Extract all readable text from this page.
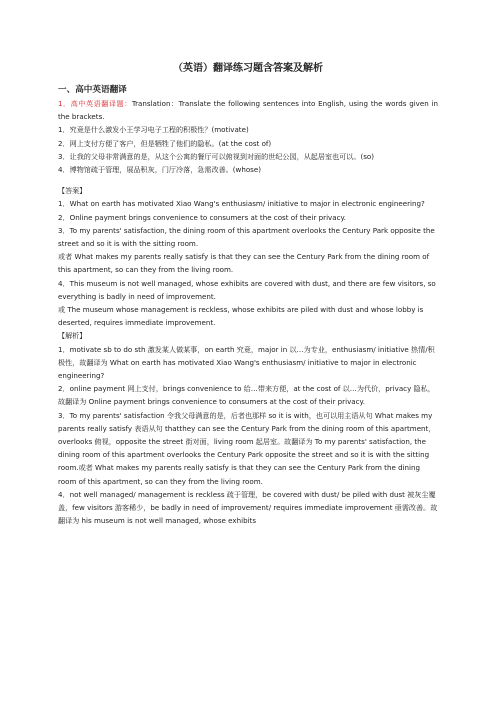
（英语）翻译练习题含答案及解析

一、高中英语翻译

1．高中英语翻译题：Translation：Translate the following sentences into English, using the words given in the brackets.

1．究竟是什么激发小王学习电子工程的积极性？(motivate)

2．网上支付方便了客户，但是牺牲了他们的隐私。(at the cost of)

3．让我的父母非常满意的是，从这个公寓的餐厅可以俯视到对面的世纪公园，从起居室也可以。(so)

4．博物馆疏于管理，展品积灰，门厅冷落，急需改善。(whose)

【答案】

1．What on earth has motivated Xiao Wang's enthusiasm/ initiative to major in electronic engineering?

2．Online payment brings convenience to consumers at the cost of their privacy.

3．To my parents' satisfaction, the dining room of this apartment overlooks the Century Park opposite the street and so it is with the sitting room.

或者 What makes my parents really satisfy is that they can see the Century Park from the dining room of this apartment, so can they from the living room.

4．This museum is not well managed, whose exhibits are covered with dust, and there are few visitors, so everything is badly in need of improvement.

或 The museum whose management is reckless, whose exhibits are piled with dust and whose lobby is deserted, requires immediate improvement.

【解析】

1．motivate sb to do sth 激发某人做某事，on earth 究竟，major in 以…为专业，enthusiasm/ initiative 热情/积极性，故翻译为 What on earth has motivated Xiao Wang's enthusiasm/ initiative to major in electronic engineering?

2．online payment 网上支付，brings convenience to 给…带来方便，at the cost of 以…为代价，privacy 隐私，故翻译为 Online payment brings convenience to consumers at the cost of their privacy.

3．To my parents' satisfaction 令我父母满意的是，后者也那样 so it is with，也可以用主语从句 What makes my parents really satisfy 表语从句 thatthey can see the Century Park from the dining room of this apartment，overlooks 俯视，opposite the street 街对面，living room 起居室。故翻译为 To my parents' satisfaction, the dining room of this apartment overlooks the Century Park opposite the street and so it is with the sitting room.或者 What makes my parents really satisfy is that they can see the Century Park from the dining room of this apartment, so can they from the living room.

4．not well managed/ management is reckless 疏于管理，be covered with dust/ be piled with dust 被灰尘覆盖，few visitors 游客稀少，be badly in need of improvement/ requires immediate improvement 亟需改善。故翻译为 his museum is not well managed, whose exhibits
